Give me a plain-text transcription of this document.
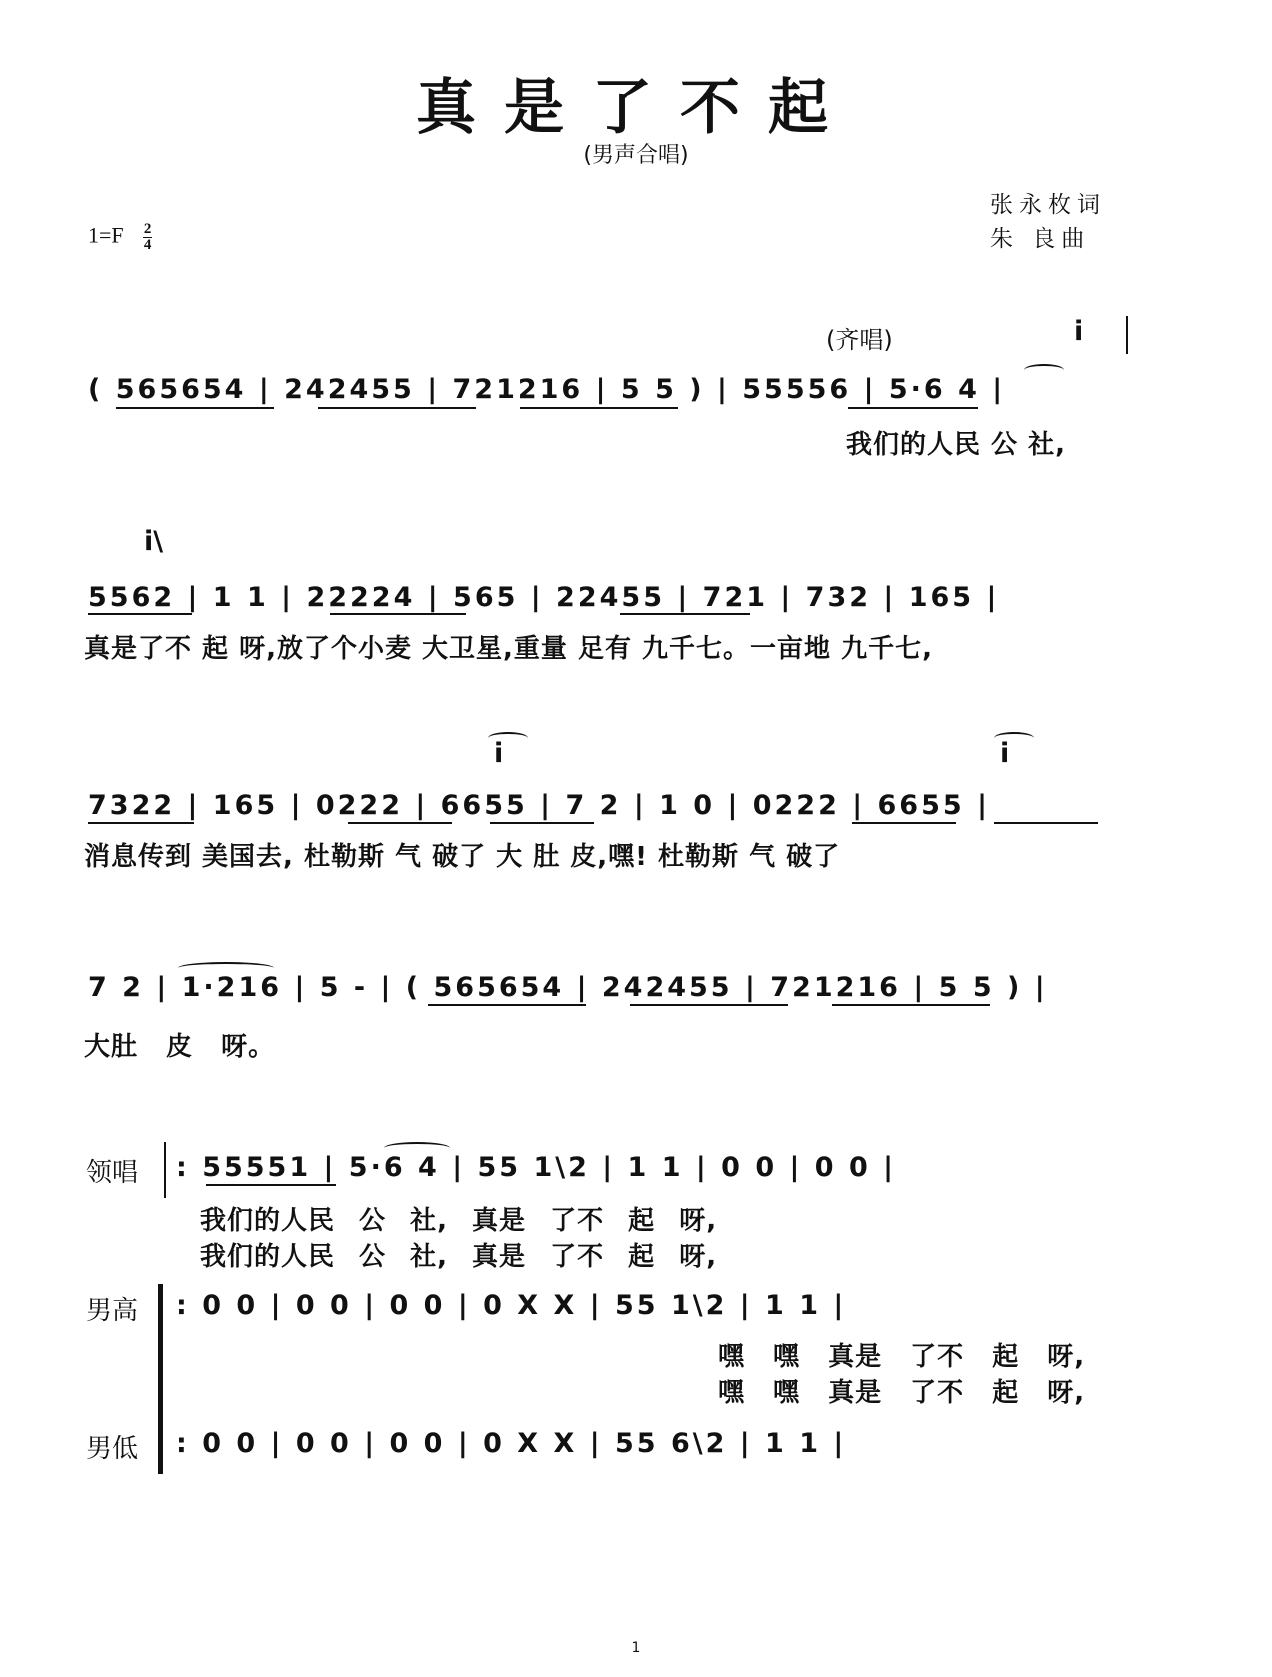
真是了不起
(男声合唱)
张永枚词
朱 良曲
$1=F \frac{2}{4}$
(齐唱)	i
( 565654 | 242455 | 721216 | 5 5 ) | 55556 | 5·6 4 |
我们的人民 公 社,
i\
5562 | 1 1 | 22224 | 565 | 22455 | 721 | 732 | 165 |
真是了不 起 呀,放了个小麦 大卫星,重量 足有 九千七。一亩地 九千七,
i	i
7322 | 165 | 0222 | 6655 | 7 2 | 1 0 | 0222 | 6655 |
消息传到 美国去, 杜勒斯 气 破了 大 肚 皮,嘿! 杜勒斯 气 破了
7 2 | 1·216 | 5 - | ( 565654 | 242455 | 721216 | 5 5 ) |
大肚 皮 呀。
领唱 : 55551 | 5·6 4 | 55 1\2 | 1 1 | 0 0 | 0 0 |
我们的人民 公 社, 真是 了不 起 呀,
我们的人民 公 社, 真是 了不 起 呀,
男高 : 0 0 | 0 0 | 0 0 | 0 X X | 55 1\2 | 1 1 |
嘿 嘿 真是 了不 起 呀,
嘿 嘿 真是 了不 起 呀,
男低 : 0 0 | 0 0 | 0 0 | 0 X X | 55 6\2 | 1 1 |
1
